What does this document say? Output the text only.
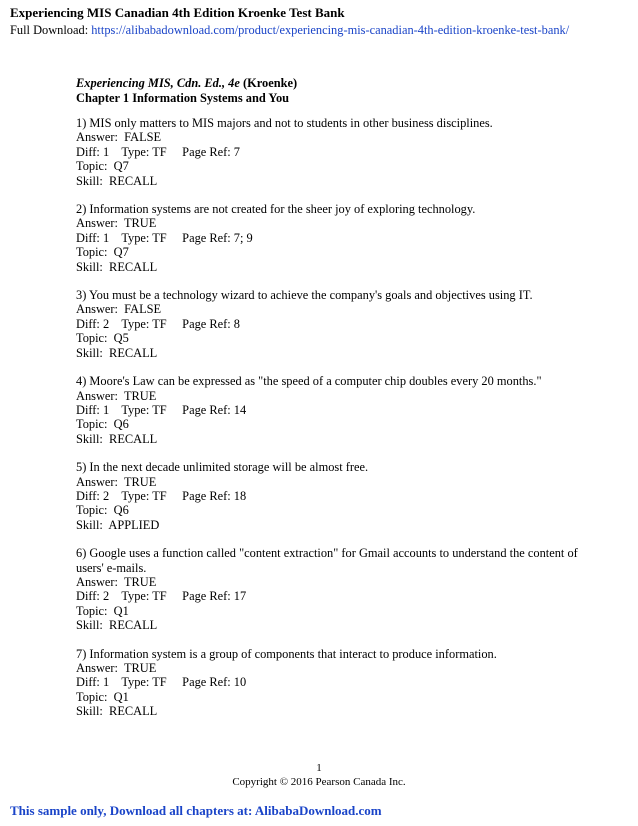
Experiencing MIS Canadian 4th Edition Kroenke Test Bank
Full Download: https://alibabadownload.com/product/experiencing-mis-canadian-4th-edition-kroenke-test-bank/
Experiencing MIS, Cdn. Ed., 4e (Kroenke)
Chapter 1 Information Systems and You
1) MIS only matters to MIS majors and not to students in other business disciplines.
Answer:  FALSE
Diff: 1    Type: TF     Page Ref: 7
Topic:  Q7
Skill:  RECALL
2) Information systems are not created for the sheer joy of exploring technology.
Answer:  TRUE
Diff: 1    Type: TF     Page Ref: 7; 9
Topic:  Q7
Skill:  RECALL
3) You must be a technology wizard to achieve the company's goals and objectives using IT.
Answer:  FALSE
Diff: 2    Type: TF     Page Ref: 8
Topic:  Q5
Skill:  RECALL
4) Moore's Law can be expressed as "the speed of a computer chip doubles every 20 months."
Answer:  TRUE
Diff: 1    Type: TF     Page Ref: 14
Topic:  Q6
Skill:  RECALL
5) In the next decade unlimited storage will be almost free.
Answer:  TRUE
Diff: 2    Type: TF     Page Ref: 18
Topic:  Q6
Skill:  APPLIED
6) Google uses a function called "content extraction" for Gmail accounts to understand the content of users' e-mails.
Answer:  TRUE
Diff: 2    Type: TF     Page Ref: 17
Topic:  Q1
Skill:  RECALL
7) Information system is a group of components that interact to produce information.
Answer:  TRUE
Diff: 1    Type: TF     Page Ref: 10
Topic:  Q1
Skill:  RECALL
1
Copyright © 2016 Pearson Canada Inc.
This sample only, Download all chapters at: AlibabaDownload.com
